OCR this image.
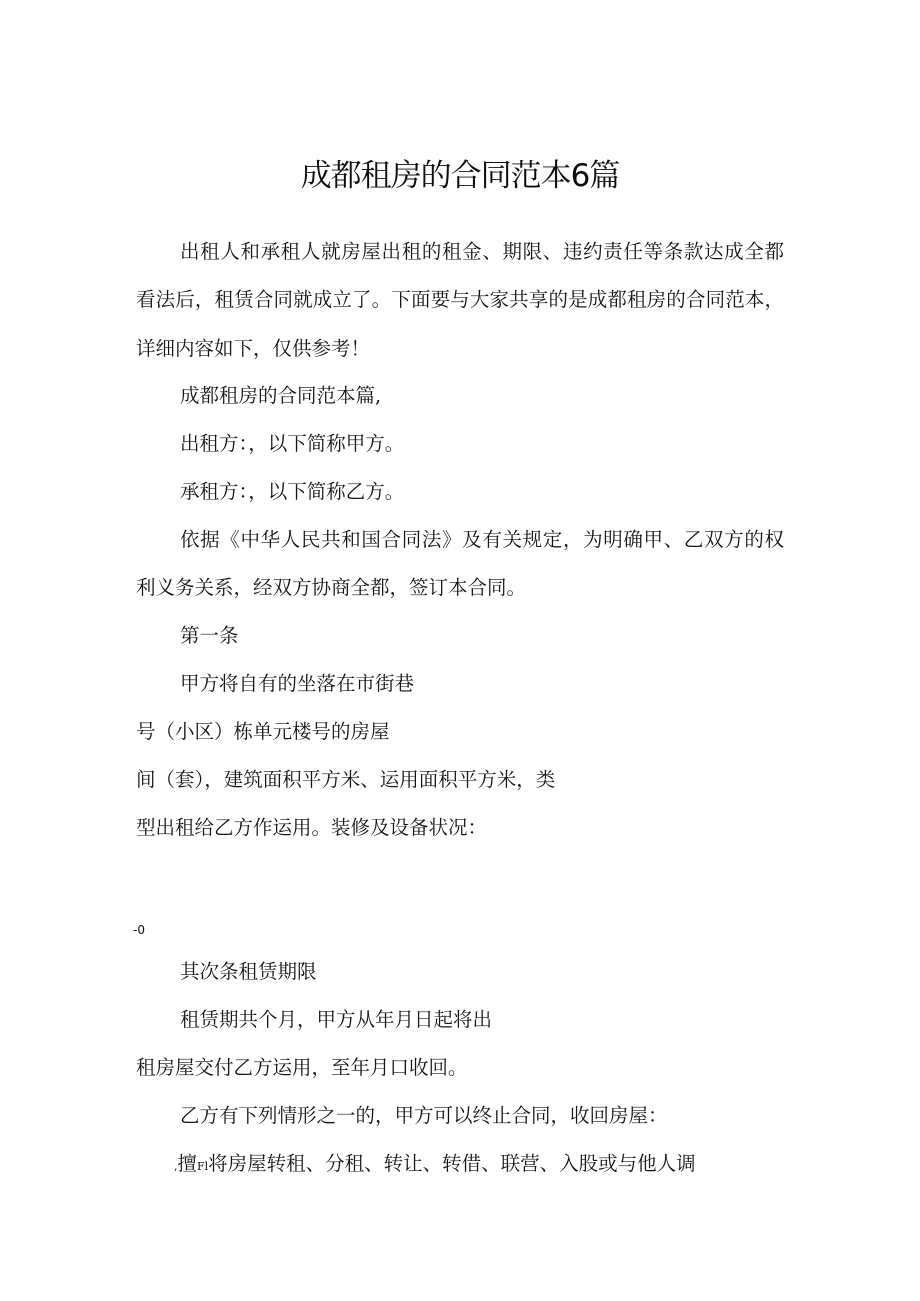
成都租房的合同范本6篇
出租人和承租人就房屋出租的租金、期限、违约责任等条款达成全都
看法后，租赁合同就成立了。下面要与大家共享的是成都租房的合同范本，
详细内容如下，仅供参考！
成都租房的合同范本篇,
出租方：，以下简称甲方。
承租方：，以下简称乙方。
依据《中华人民共和国合同法》及有关规定，为明确甲、乙双方的权
利义务关系，经双方协商全都，签订本合同。
第一条
甲方将自有的坐落在市街巷
号（小区）栋单元楼号的房屋
间（套），建筑面积平方米、运用面积平方米，类
型出租给乙方作运用。装修及设备状况：
-0
其次条租赁期限
租赁期共个月，甲方从年月日起将出
租房屋交付乙方运用，至年月口收回。
乙方有下列情形之一的，甲方可以终止合同，收回房屋：
,擅Fl将房屋转租、分租、转让、转借、联营、入股或与他人调
